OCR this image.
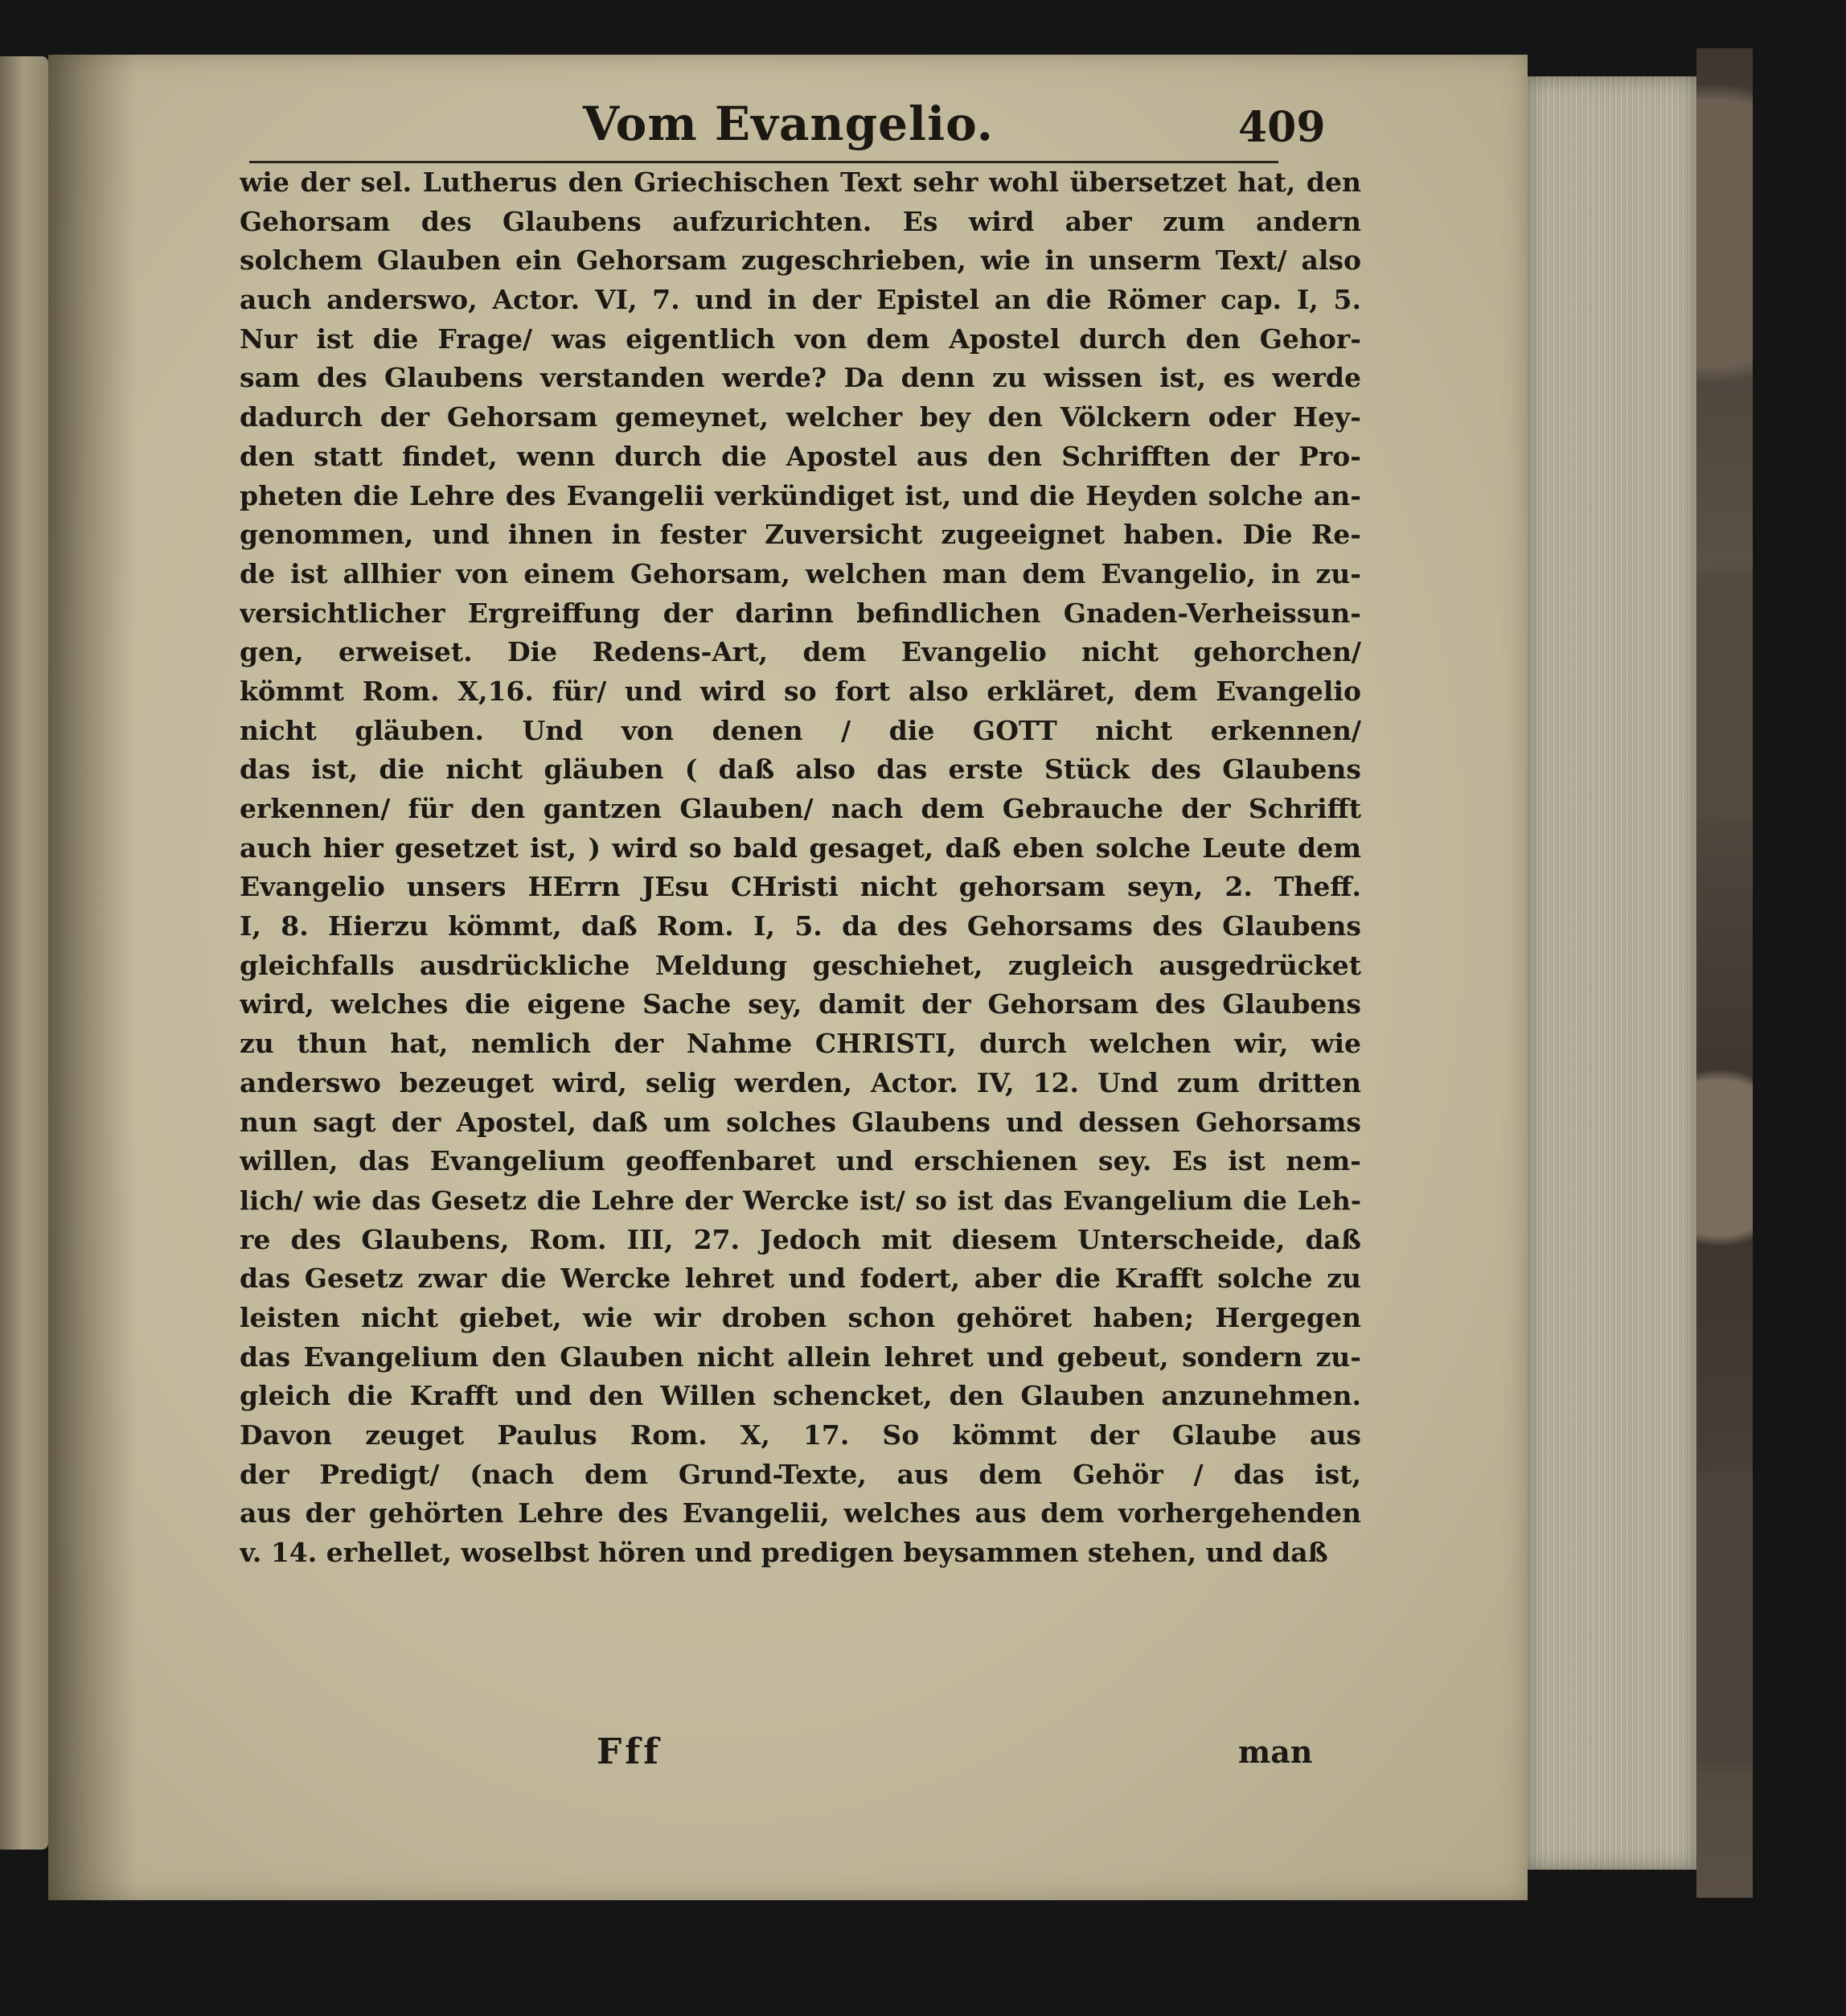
Vom Evangelio.	409
wie der sel. Lutherus den Griechischen Text sehr wohl übersetzet hat, den
Gehorsam des Glaubens aufzurichten. Es wird aber zum andern
solchem Glauben ein Gehorsam zugeschrieben, wie in unserm Text/ also
auch anderswo, Actor. VI, 7. und in der Epistel an die Römer cap. I, 5.
Nur ist die Frage/ was eigentlich von dem Apostel durch den Gehor-
sam des Glaubens verstanden werde? Da denn zu wissen ist, es werde
dadurch der Gehorsam gemeynet, welcher bey den Völckern oder Hey-
den statt findet, wenn durch die Apostel aus den Schrifften der Pro-
pheten die Lehre des Evangelii verkündiget ist, und die Heyden solche an-
genommen, und ihnen in fester Zuversicht zugeeignet haben. Die Re-
de ist allhier von einem Gehorsam, welchen man dem Evangelio, in zu-
versichtlicher Ergreiffung der darinn befindlichen Gnaden-Verheissun-
gen, erweiset. Die Redens-Art, dem Evangelio nicht gehorchen/
kömmt Rom. X,16. für/ und wird so fort also erkläret, dem Evangelio
nicht gläuben. Und von denen / die GOTT nicht erkennen/
das ist, die nicht gläuben ( daß also das erste Stück des Glaubens
erkennen/ für den gantzen Glauben/ nach dem Gebrauche der Schrifft
auch hier gesetzet ist, ) wird so bald gesaget, daß eben solche Leute dem
Evangelio unsers HErrn JEsu CHristi nicht gehorsam seyn, 2. Theff.
I, 8. Hierzu kömmt, daß Rom. I, 5. da des Gehorsams des Glaubens
gleichfalls ausdrückliche Meldung geschiehet, zugleich ausgedrücket
wird, welches die eigene Sache sey, damit der Gehorsam des Glaubens
zu thun hat, nemlich der Nahme CHRISTI, durch welchen wir, wie
anderswo bezeuget wird, selig werden, Actor. IV, 12. Und zum dritten
nun sagt der Apostel, daß um solches Glaubens und dessen Gehorsams
willen, das Evangelium geoffenbaret und erschienen sey. Es ist nem-
lich/ wie das Gesetz die Lehre der Wercke ist/ so ist das Evangelium die Leh-
re des Glaubens, Rom. III, 27. Jedoch mit diesem Unterscheide, daß
das Gesetz zwar die Wercke lehret und fodert, aber die Krafft solche zu
leisten nicht giebet, wie wir droben schon gehöret haben; Hergegen
das Evangelium den Glauben nicht allein lehret und gebeut, sondern zu-
gleich die Krafft und den Willen schencket, den Glauben anzunehmen.
Davon zeuget Paulus Rom. X, 17. So kömmt der Glaube aus
der Predigt/ (nach dem Grund-Texte, aus dem Gehör / das ist,
aus der gehörten Lehre des Evangelii, welches aus dem vorhergehenden
v. 14. erhellet, woselbst hören und predigen beysammen stehen, und daß
Fff	man
